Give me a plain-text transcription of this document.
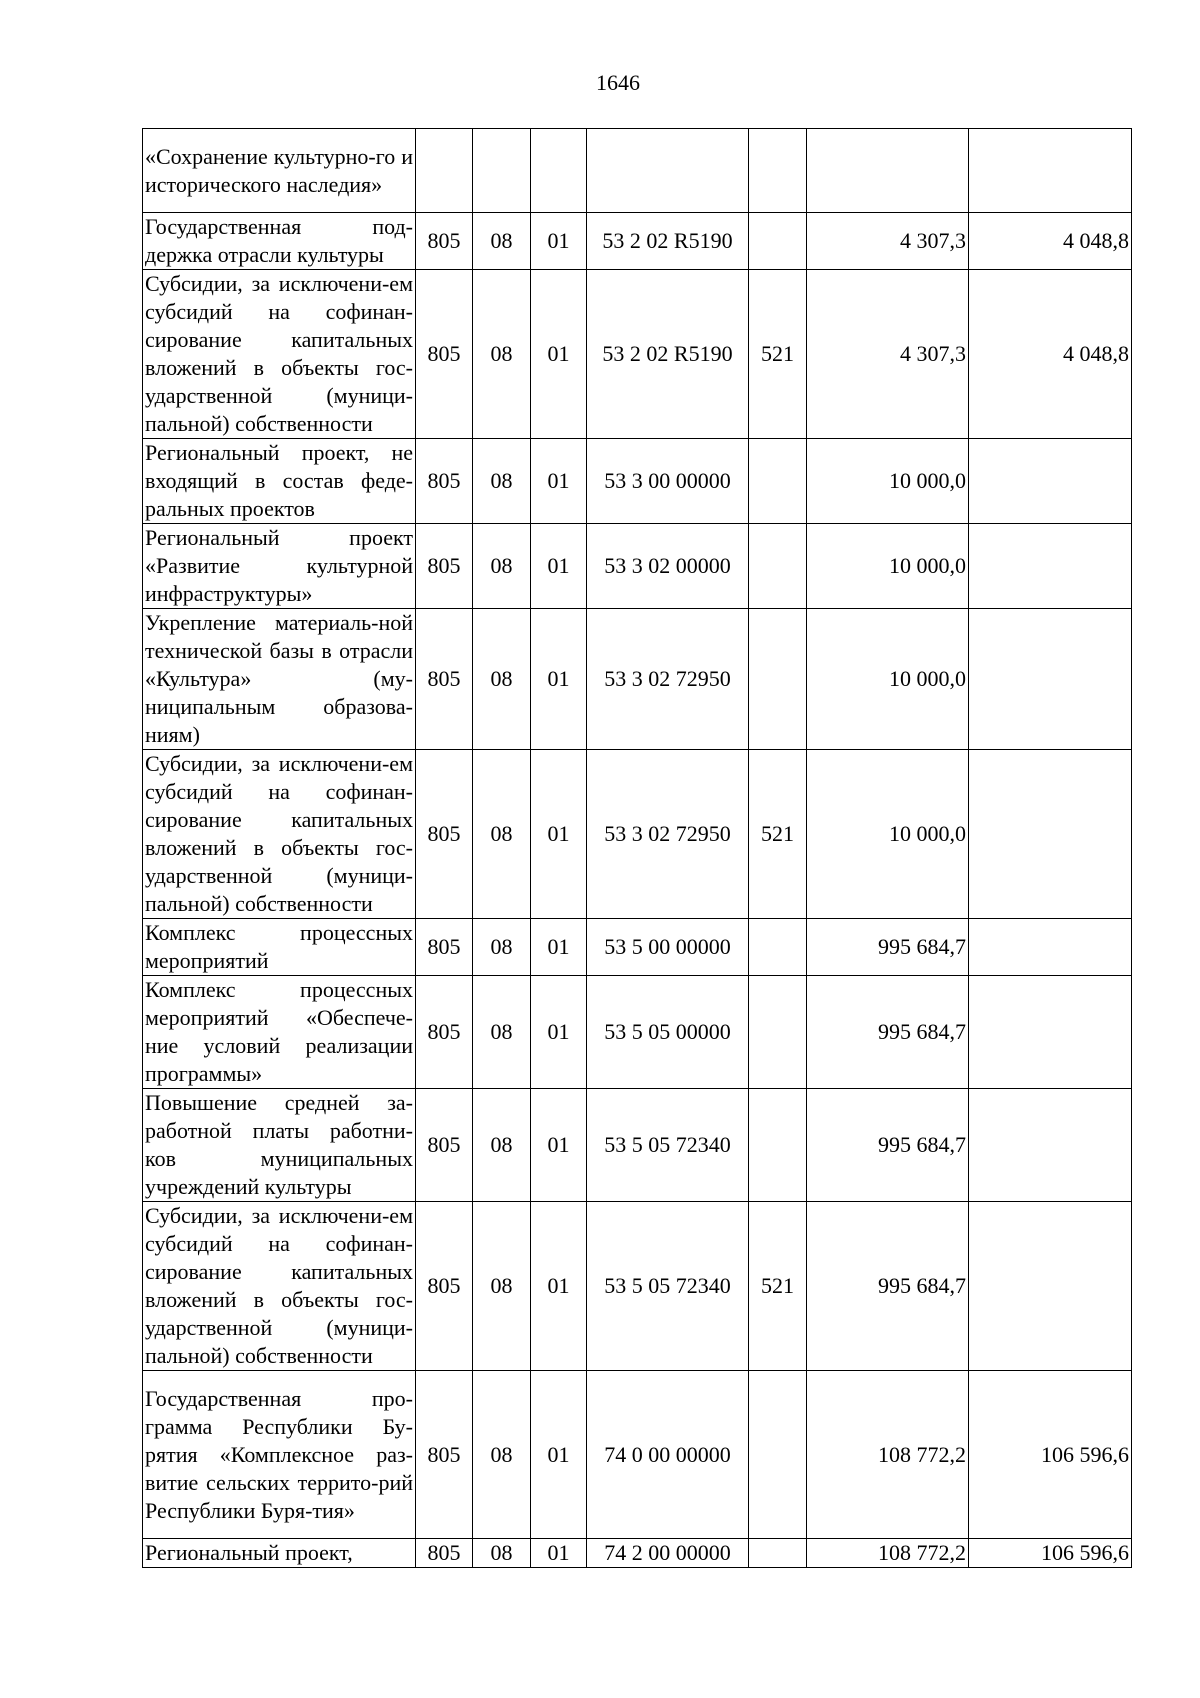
1646
«Сохранение культурно-го и исторического наследия»							
Государственная под-держка отрасли культуры	805	08	01	53 2 02 R5190		4 307,3	4 048,8
Субсидии, за исключени-ем субсидий на софинан-сирование капитальных вложений в объекты гос-ударственной (муници-пальной) собственности	805	08	01	53 2 02 R5190	521	4 307,3	4 048,8
Региональный проект, не входящий в состав феде-ральных проектов	805	08	01	53 3 00 00000		10 000,0	
Региональный проект «Развитие культурной инфраструктуры»	805	08	01	53 3 02 00000		10 000,0	
Укрепление материаль-ной технической базы в отрасли «Культура» (му-ниципальным образова-ниям)	805	08	01	53 3 02 72950		10 000,0	
Субсидии, за исключени-ем субсидий на софинан-сирование капитальных вложений в объекты гос-ударственной (муници-пальной) собственности	805	08	01	53 3 02 72950	521	10 000,0	
Комплекс процессных мероприятий	805	08	01	53 5 00 00000		995 684,7	
Комплекс процессных мероприятий «Обеспече-ние условий реализации программы»	805	08	01	53 5 05 00000		995 684,7	
Повышение средней за-работной платы работни-ков муниципальных учреждений культуры	805	08	01	53 5 05 72340		995 684,7	
Субсидии, за исключени-ем субсидий на софинан-сирование капитальных вложений в объекты гос-ударственной (муници-пальной) собственности	805	08	01	53 5 05 72340	521	995 684,7	
Государственная про-грамма Республики Бу-рятия «Комплексное раз-витие сельских террито-рий Республики Буря-тия»	805	08	01	74 0 00 00000		108 772,2	106 596,6
Региональный проект,	805	08	01	74 2 00 00000		108 772,2	106 596,6
